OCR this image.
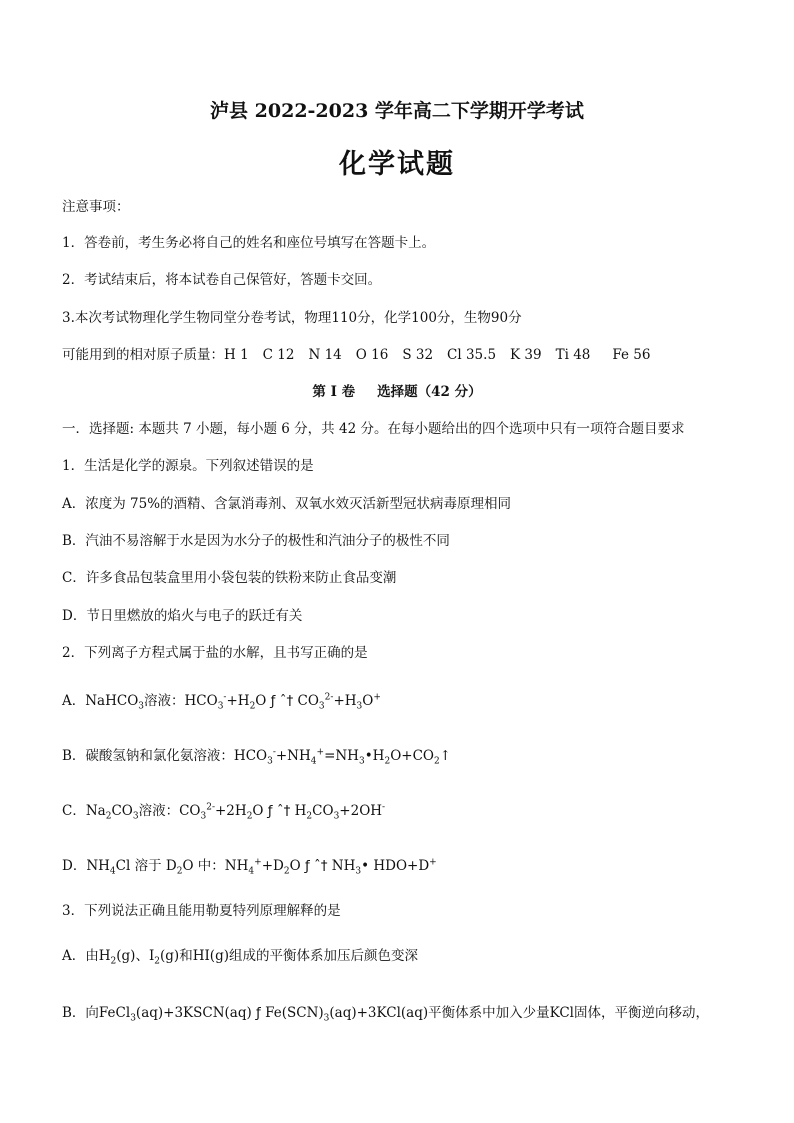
泸县 2022-2023 学年高二下学期开学考试
化学试题
注意事项：
1．答卷前，考生务必将自己的姓名和座位号填写在答题卡上。
2．考试结束后，将本试卷自己保管好，答题卡交回。
3.本次考试物理化学生物同堂分卷考试，物理110分，化学100分，生物90分
可能用到的相对原子质量：H 1 C 12 N 14 O 16 S 32 Cl 35.5 K 39 Ti 48 Fe 56
第 I 卷 选择题（42 分）
一．选择题: 本题共 7 小题，每小题 6 分，共 42 分。在每小题给出的四个选项中只有一项符合题目要求
1．生活是化学的源泉。下列叙述错误的是
A．浓度为 75%的酒精、含氯消毒剂、双氧水效灭活新型冠状病毒原理相同
B．汽油不易溶解于水是因为水分子的极性和汽油分子的极性不同
C．许多食品包装盒里用小袋包装的铁粉来防止食品变潮
D．节日里燃放的焰火与电子的跃迁有关
2．下列离子方程式属于盐的水解，且书写正确的是
A．NaHCO$_3$溶液：$HCO_3^-+H_2O$ ƒ ˆ† $CO_3^{2-}+H_3O^+$
B．碳酸氢钠和氯化氨溶液：$HCO_3^-+NH_4^+=NH_3•H_2O+CO_2↑$
C．$Na_2CO_3$溶液：$CO_3^{2-}+2H_2O$ ƒ ˆ† $H_2CO_3+2OH^-$
D．$NH_4Cl$ 溶于 $D_2O$ 中：$NH_4^++D_2O$ ƒ ˆ† $NH_3•$ HDO+D+
3．下列说法正确且能用勒夏特列原理解释的是
A．由$H_2(g)$、$I_2(g)$和HI(g)组成的平衡体系加压后颜色变深
B．向FeCl$_3$(aq)+3KSCN(aq) ƒ $Fe(SCN)_3(aq)+3KCl(aq)$平衡体系中加入少量KCl固体，平衡逆向移动，
